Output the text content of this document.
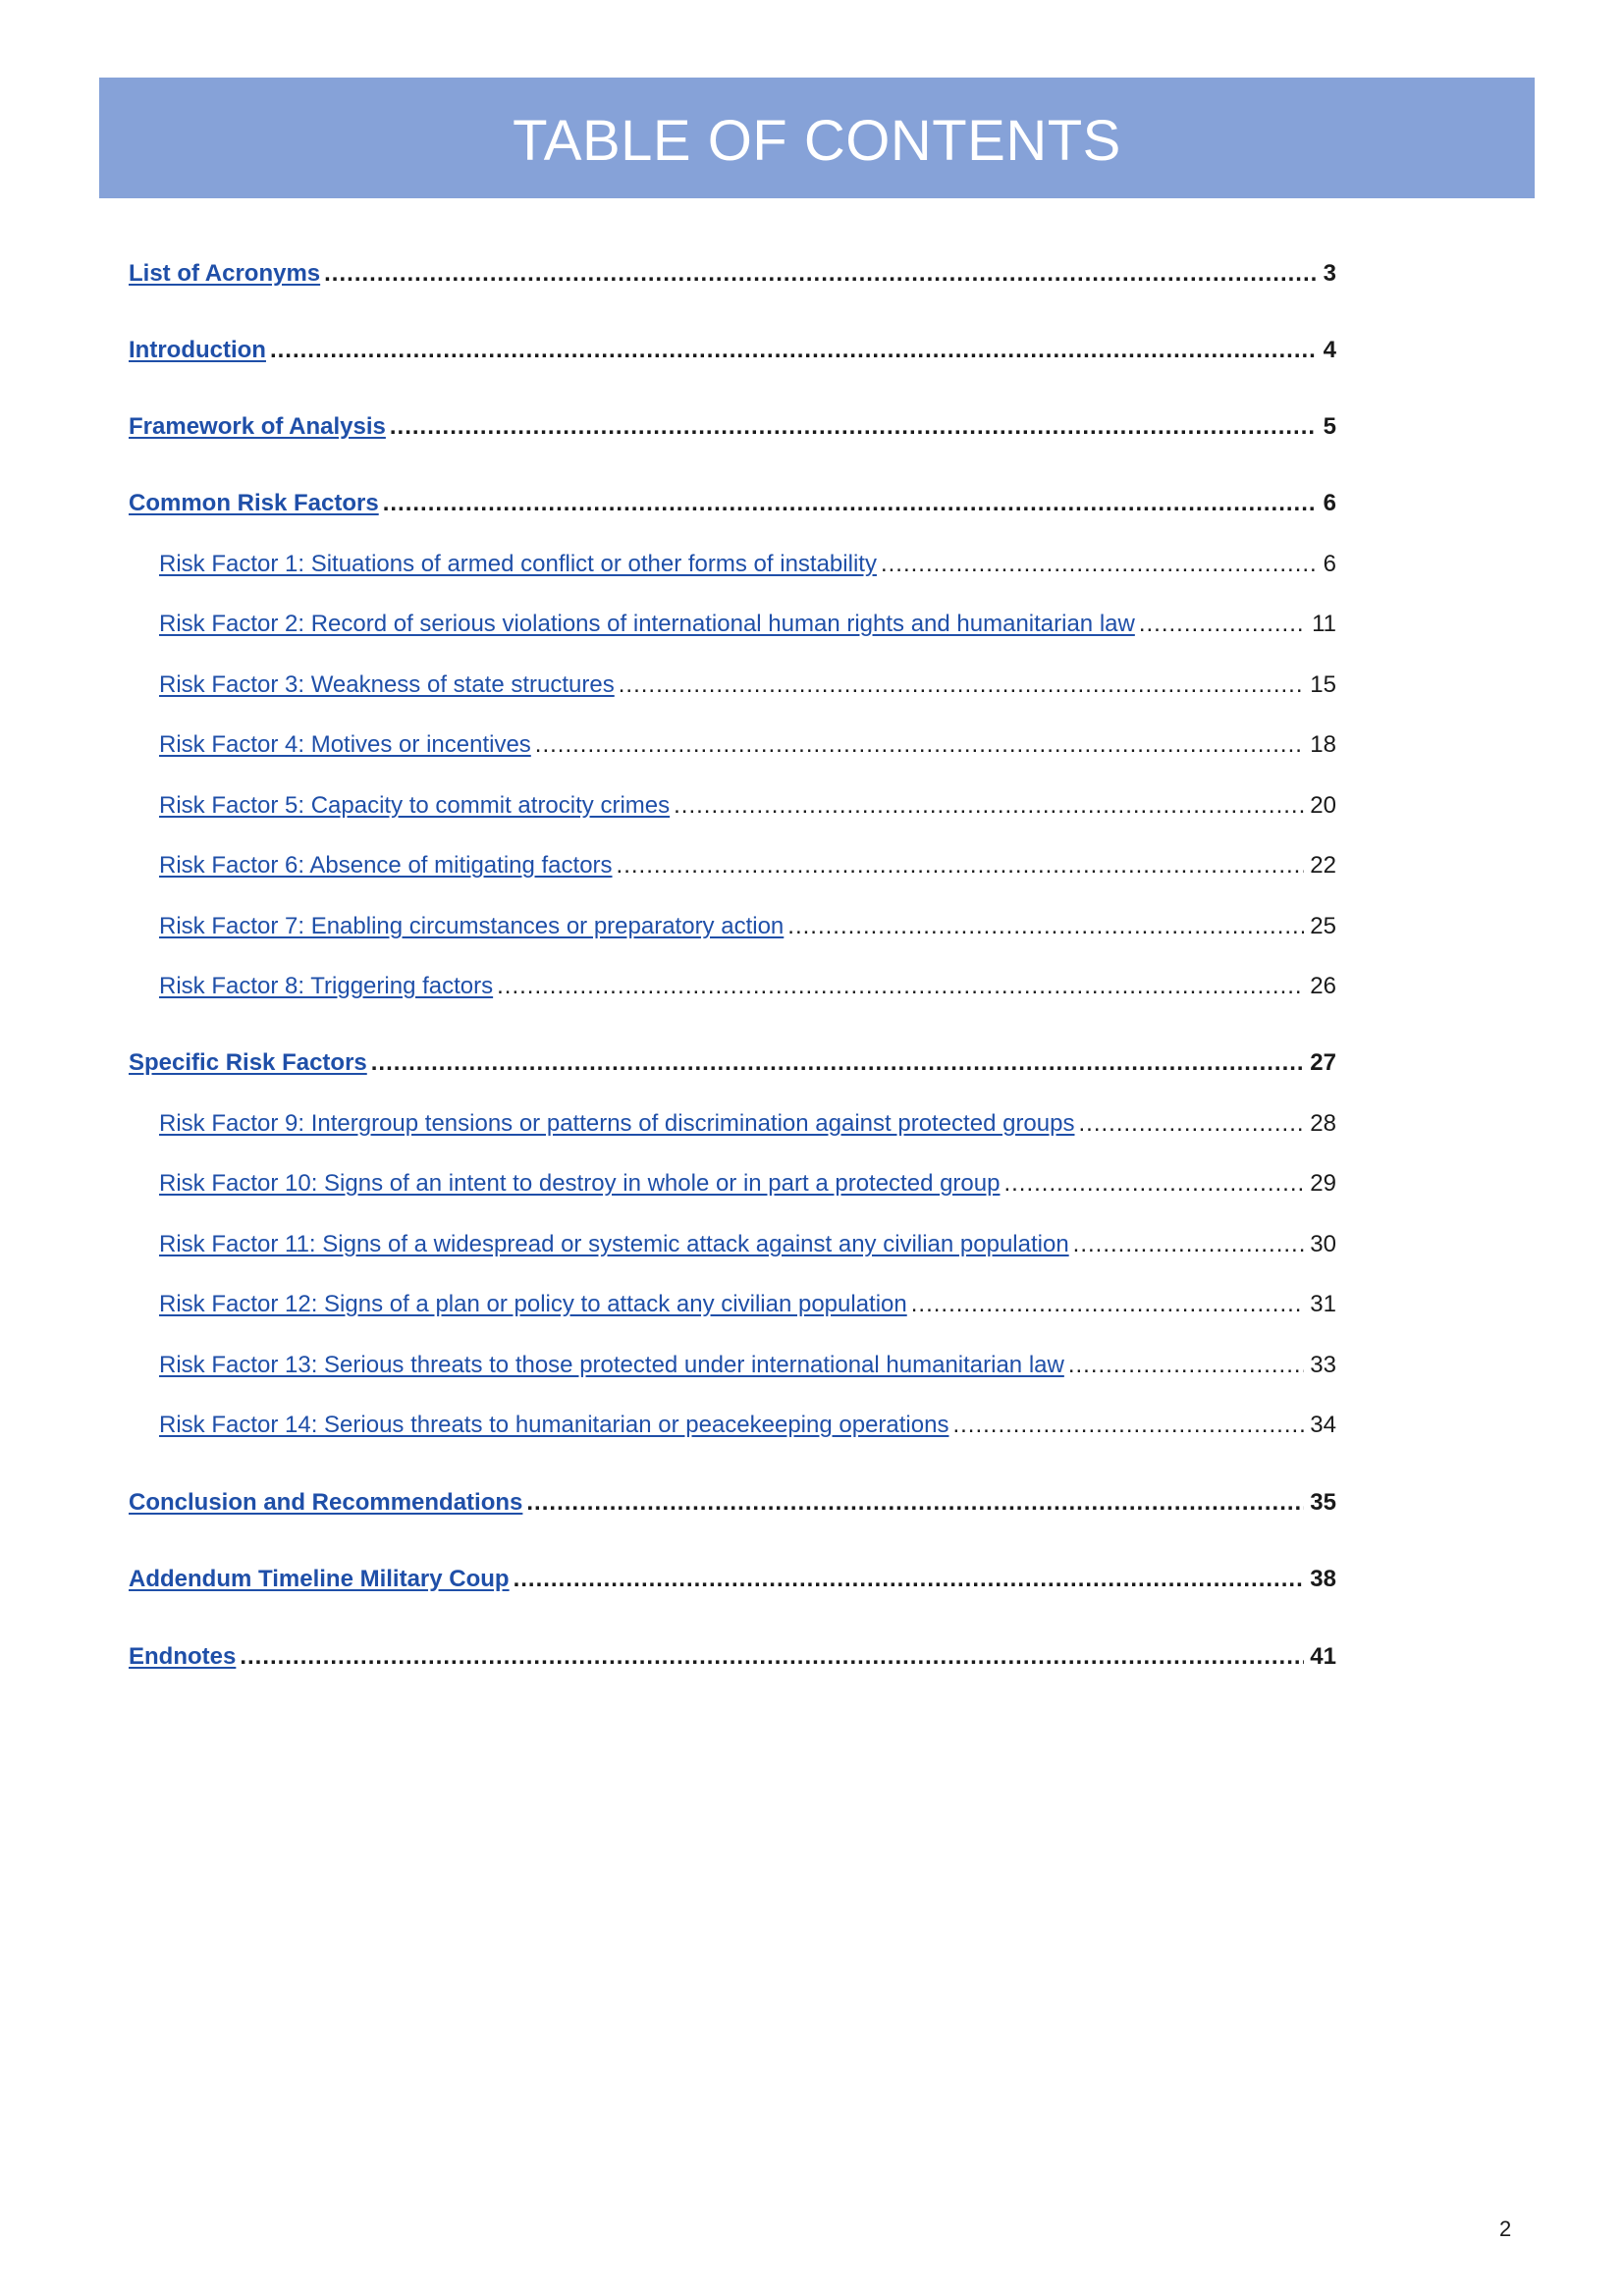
TABLE OF CONTENTS
List of Acronyms .....	3
Introduction .....	4
Framework of Analysis .....	5
Common Risk Factors .....	6
Risk Factor 1: Situations of armed conflict or other forms of instability .....	6
Risk Factor 2: Record of serious violations of international human rights and humanitarian law .....	11
Risk Factor 3: Weakness of state structures .....	15
Risk Factor 4: Motives or incentives .....	18
Risk Factor 5: Capacity to commit atrocity crimes .....	20
Risk Factor 6: Absence of mitigating factors .....	22
Risk Factor 7: Enabling circumstances or preparatory action .....	25
Risk Factor 8: Triggering factors .....	26
Specific Risk Factors .....	27
Risk Factor 9: Intergroup tensions or patterns of discrimination against protected groups .....	28
Risk Factor 10: Signs of an intent to destroy in whole or in part a protected group .....	29
Risk Factor 11: Signs of a widespread or systemic attack against any civilian population .....	30
Risk Factor 12: Signs of a plan or policy to attack any civilian population .....	31
Risk Factor 13: Serious threats to those protected under international humanitarian law .....	33
Risk Factor 14: Serious threats to humanitarian or peacekeeping operations .....	34
Conclusion and Recommendations .....	35
Addendum Timeline Military Coup .....	38
Endnotes .....	41
2
